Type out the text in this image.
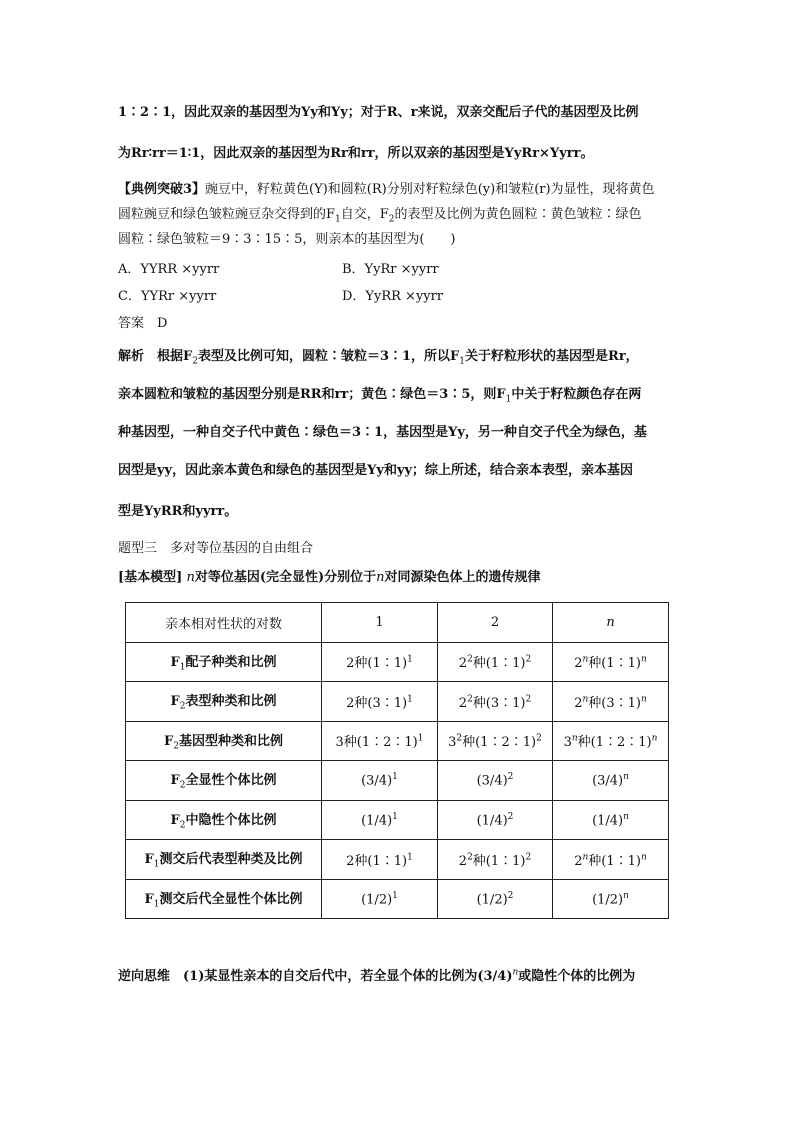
1∶2∶1，因此双亲的基因型为Yy和Yy；对于R、r来说，双亲交配后子代的基因型及比例
为Rr∶rr＝1∶1，因此双亲的基因型为Rr和rr，所以双亲的基因型是YyRr×Yyrr。
【典例突破3】豌豆中，籽粒黄色(Y)和圆粒(R)分别对籽粒绿色(y)和皱粒(r)为显性，现将黄色
圆粒豌豆和绿色皱粒豌豆杂交得到的$F_1$自交，$F_2$的表型及比例为黄色圆粒∶黄色皱粒∶绿色
圆粒∶绿色皱粒＝9∶3∶15∶5，则亲本的基因型为(　　)
A．YYRR ×yyrr	B．YyRr ×yyrr
C．YYRr ×yyrr	D．YyRR ×yyrr
答案　D
解析　根据$F_2$表型及比例可知，圆粒∶皱粒＝3∶1，所以$F_1$关于籽粒形状的基因型是Rr，
亲本圆粒和皱粒的基因型分别是RR和rr；黄色∶绿色＝3∶5，则$F_1$中关于籽粒颜色存在两
种基因型，一种自交子代中黄色∶绿色＝3∶1，基因型是Yy，另一种自交子代全为绿色，基
因型是yy，因此亲本黄色和绿色的基因型是Yy和yy；综上所述，结合亲本表型，亲本基因
型是YyRR和yyrr。
题型三　多对等位基因的自由组合
[基本模型] n对等位基因(完全显性)分别位于n对同源染色体上的遗传规律
亲本相对性状的对数	1	2	n
$F_1$配子种类和比例	2种(1∶1)$^1$	$2^2$种(1∶1)$^2$	2$^n$种(1∶1)$^n$
$F_2$表型种类和比例	2种(3∶1)$^1$	$2^2$种(3∶1)$^2$	2$^n$种(3∶1)$^n$
$F_2$基因型种类和比例	3种(1∶2∶1)$^1$	$3^2$种(1∶2∶1)$^2$	3$^n$种(1∶2∶1)$^n$
$F_2$全显性个体比例	$(3/4)^1$	$(3/4)^2$	$(3/4)^n$
$F_2$中隐性个体比例	$(1/4)^1$	$(1/4)^2$	$(1/4)^n$
$F_1$测交后代表型种类及比例	2种(1∶1)$^1$	$2^2$种(1∶1)$^2$	2$^n$种(1∶1)$^n$
$F_1$测交后代全显性个体比例	$(1/2)^1$	$(1/2)^2$	$(1/2)^n$
逆向思维　(1)某显性亲本的自交后代中，若全显个体的比例为$(3/4)^n$或隐性个体的比例为
